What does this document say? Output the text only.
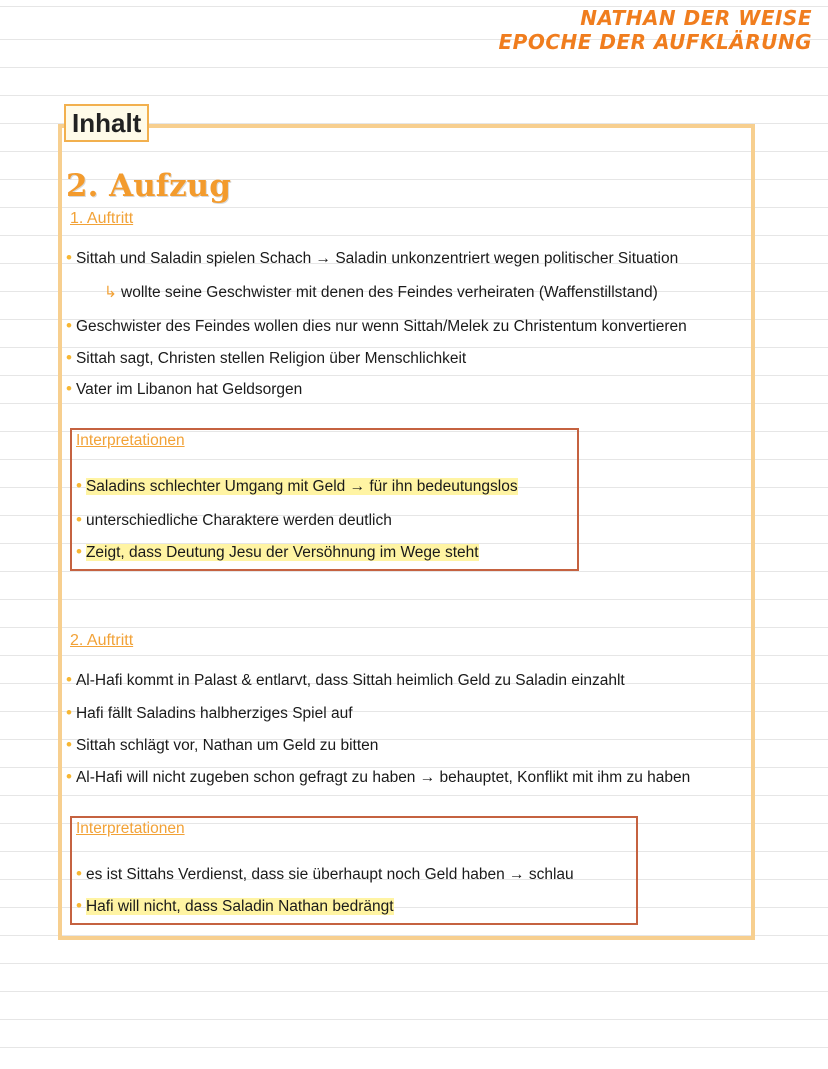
NATHAN DER WEISE
EPOCHE DER AUFKLÄRUNG
Inhalt
2. Aufzug
1. Auftritt
• Sittah und Saladin spielen Schach → Saladin unkonzentriert wegen politischer Situation
↳ wollte seine Geschwister mit denen des Feindes verheiraten (Waffenstillstand)
• Geschwister des Feindes wollen dies nur wenn Sittah/Melek zu Christentum konvertieren
• Sittah sagt, Christen stellen Religion über Menschlichkeit
• Vater im Libanon hat Geldsorgen
Interpretationen
• Saladins schlechter Umgang mit Geld → für ihn bedeutungslos
• unterschiedliche Charaktere werden deutlich
• Zeigt, dass Deutung Jesu der Versöhnung im Wege steht
2. Auftritt
• Al-Hafi kommt in Palast & entlarvt, dass Sittah heimlich Geld zu Saladin einzahlt
• Hafi fällt Saladins halbherziges Spiel auf
• Sittah schlägt vor, Nathan um Geld zu bitten
• Al-Hafi will nicht zugeben schon gefragt zu haben → behauptet, Konflikt mit ihm zu haben
Interpretationen
• es ist Sittahs Verdienst, dass sie überhaupt noch Geld haben → schlau
• Hafi will nicht, dass Saladin Nathan bedrängt
